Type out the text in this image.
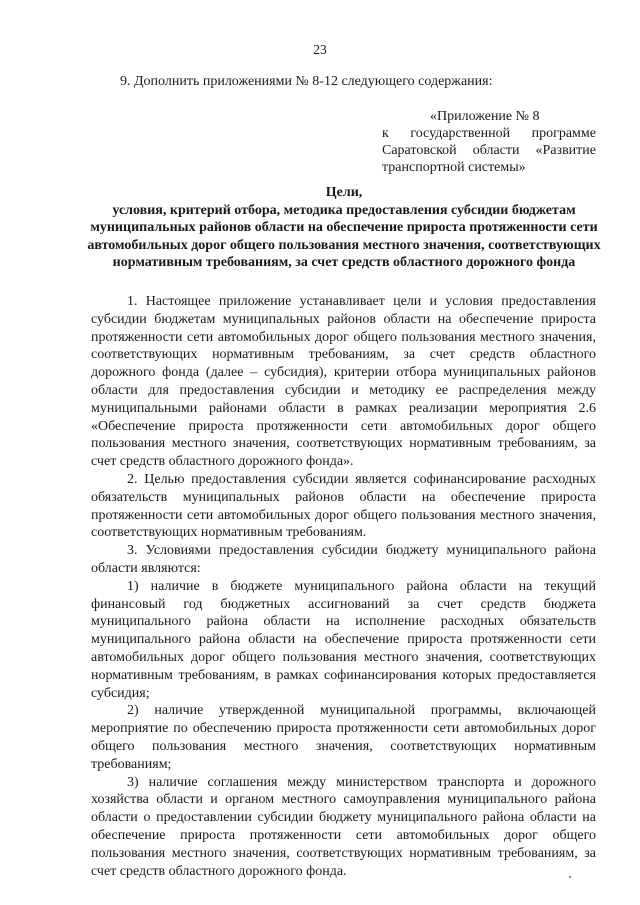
23
9. Дополнить приложениями № 8-12 следующего содержания:
«Приложение № 8
к государственной программе Саратовской области «Развитие транспортной системы»
Цели,
условия, критерий отбора, методика предоставления субсидии бюджетам муниципальных районов области на обеспечение прироста протяженности сети автомобильных дорог общего пользования местного значения, соответствующих нормативным требованиям, за счет средств областного дорожного фонда

1. Настоящее приложение устанавливает цели и условия предоставления субсидии бюджетам муниципальных районов области на обеспечение прироста протяженности сети автомобильных дорог общего пользования местного значения, соответствующих нормативным требованиям, за счет средств областного дорожного фонда (далее – субсидия), критерии отбора муниципальных районов области для предоставления субсидии и методику ее распределения между муниципальными районами области в рамках реализации мероприятия 2.6 «Обеспечение прироста протяженности сети автомобильных дорог общего пользования местного значения, соответствующих нормативным требованиям, за счет средств областного дорожного фонда».

2. Целью предоставления субсидии является софинансирование расходных обязательств муниципальных районов области на обеспечение прироста протяженности сети автомобильных дорог общего пользования местного значения, соответствующих нормативным требованиям.

3. Условиями предоставления субсидии бюджету муниципального района области являются:

1) наличие в бюджете муниципального района области на текущий финансовый год бюджетных ассигнований за счет средств бюджета муниципального района области на исполнение расходных обязательств муниципального района области на обеспечение прироста протяженности сети автомобильных дорог общего пользования местного значения, соответствующих нормативным требованиям, в рамках софинансирования которых предоставляется субсидия;

2) наличие утвержденной муниципальной программы, включающей мероприятие по обеспечению прироста протяженности сети автомобильных дорог общего пользования местного значения, соответствующих нормативным требованиям;

3) наличие соглашения между министерством транспорта и дорожного хозяйства области и органом местного самоуправления муниципального района области о предоставлении субсидии бюджету муниципального района области на обеспечение прироста протяженности сети автомобильных дорог общего пользования местного значения, соответствующих нормативным требованиям, за счет средств областного дорожного фонда.
